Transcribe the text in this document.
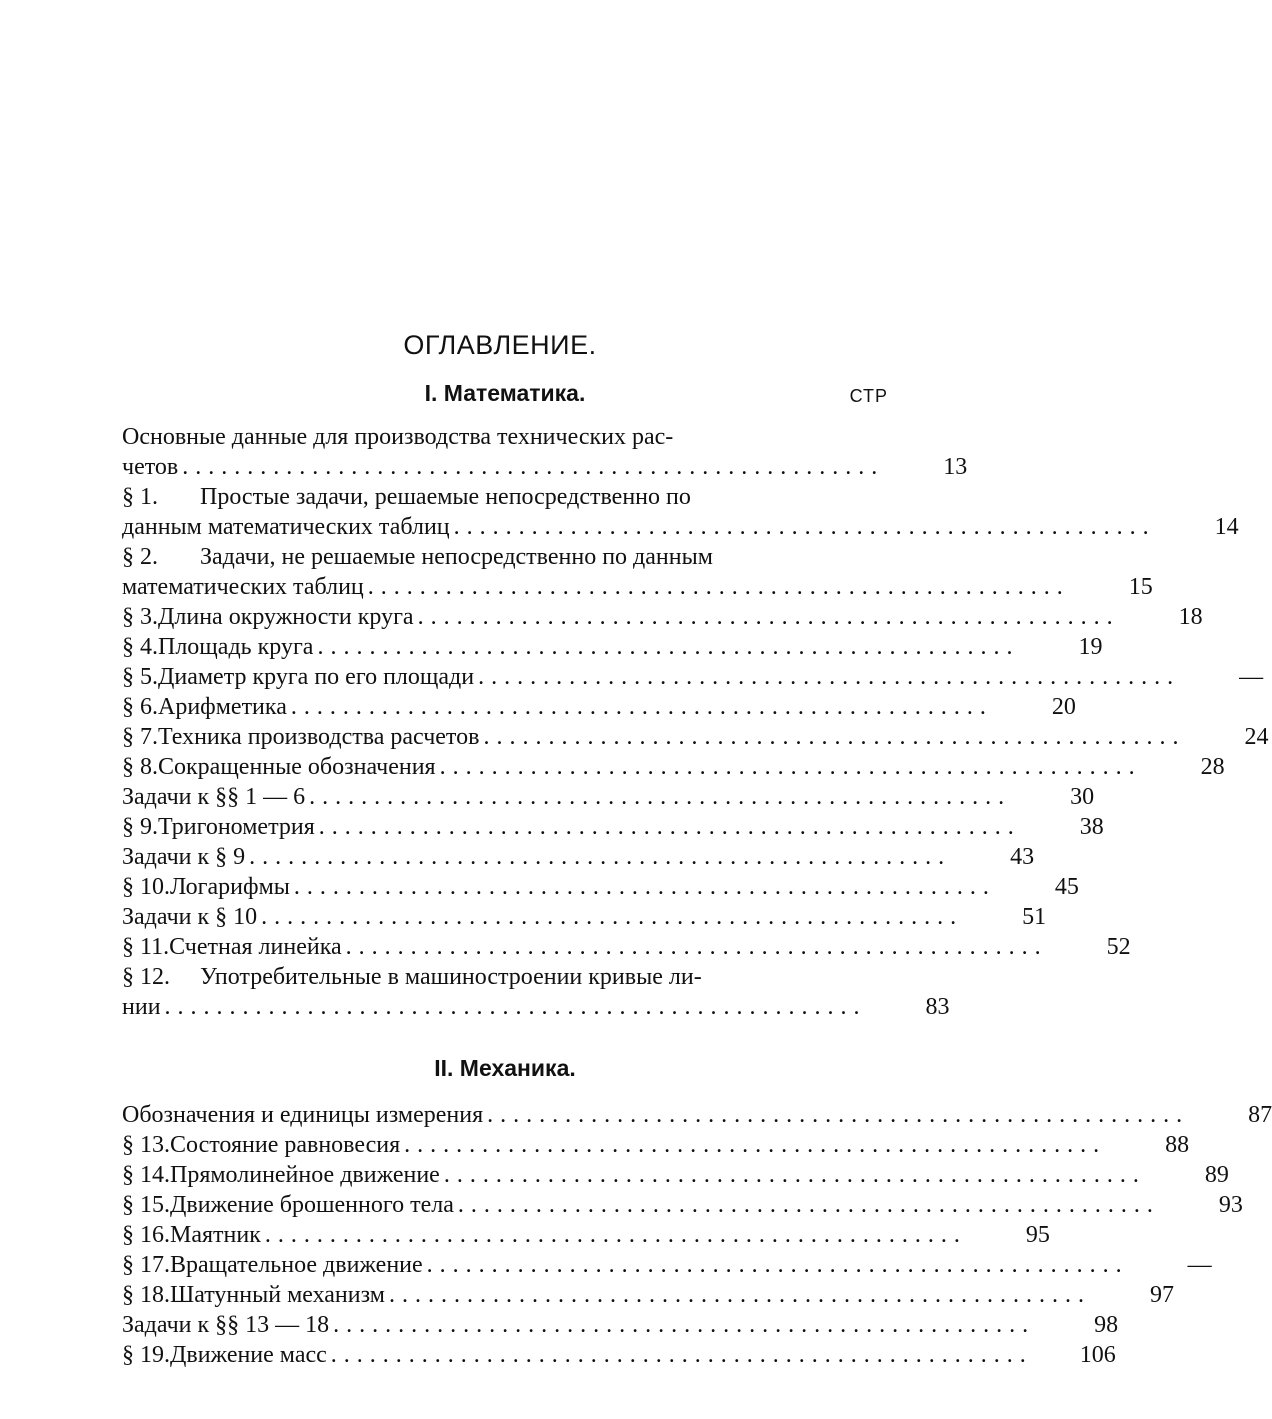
ОГЛАВЛЕНИЕ.
I. Математика.	СТР
Основные данные для производства технических рас-
четов . . .	13
§ 1.	Простые задачи, решаемые непосредственно по
данным математических таблиц . . .	14
§ 2.	Задачи, не решаемые непосредственно по данным
математических таблиц . . .	15
§ 3. Длина окружности круга . . .	18
§ 4. Площадь круга . . .	19
§ 5. Диаметр круга по его площади . . .	—
§ 6. Арифметика . . .	20
§ 7. Техника производства расчетов . . .	24
§ 8. Сокращенные обозначения . . .	28
Задачи к §§ 1 — 6 . . .	30
§ 9. Тригонометрия . . .	38
Задачи к § 9 . . .	43
§ 10. Логарифмы . . .	45
Задачи к § 10 . . .	51
§ 11. Счетная линейка . . .	52
§ 12.	Употребительные в машиностроении кривые ли-
нии . . .	83
II. Механика.
Обозначения и единицы измерения . . .	87
§ 13. Состояние равновесия . . .	88
§ 14. Прямолинейное движение . . .	89
§ 15. Движение брошенного тела . . .	93
§ 16. Маятник . . .	95
§ 17. Вращательное движение . . .	—
§ 18. Шатунный механизм . . .	97
Задачи к §§ 13 — 18 . . .	98
§ 19. Движение масс . . .	106
